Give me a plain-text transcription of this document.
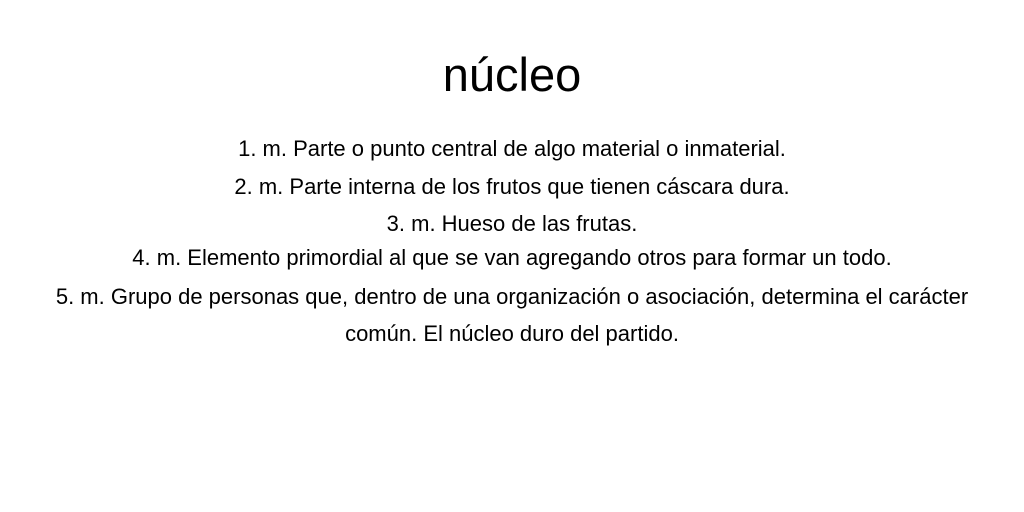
núcleo

1. m. Parte o punto central de algo material o inmaterial.

2. m. Parte interna de los frutos que tienen cáscara dura.

3. m. Hueso de las frutas.

4. m. Elemento primordial al que se van agregando otros para formar un todo.

5. m. Grupo de personas que, dentro de una organización o asociación, determina el carácter común. El núcleo duro del partido.
